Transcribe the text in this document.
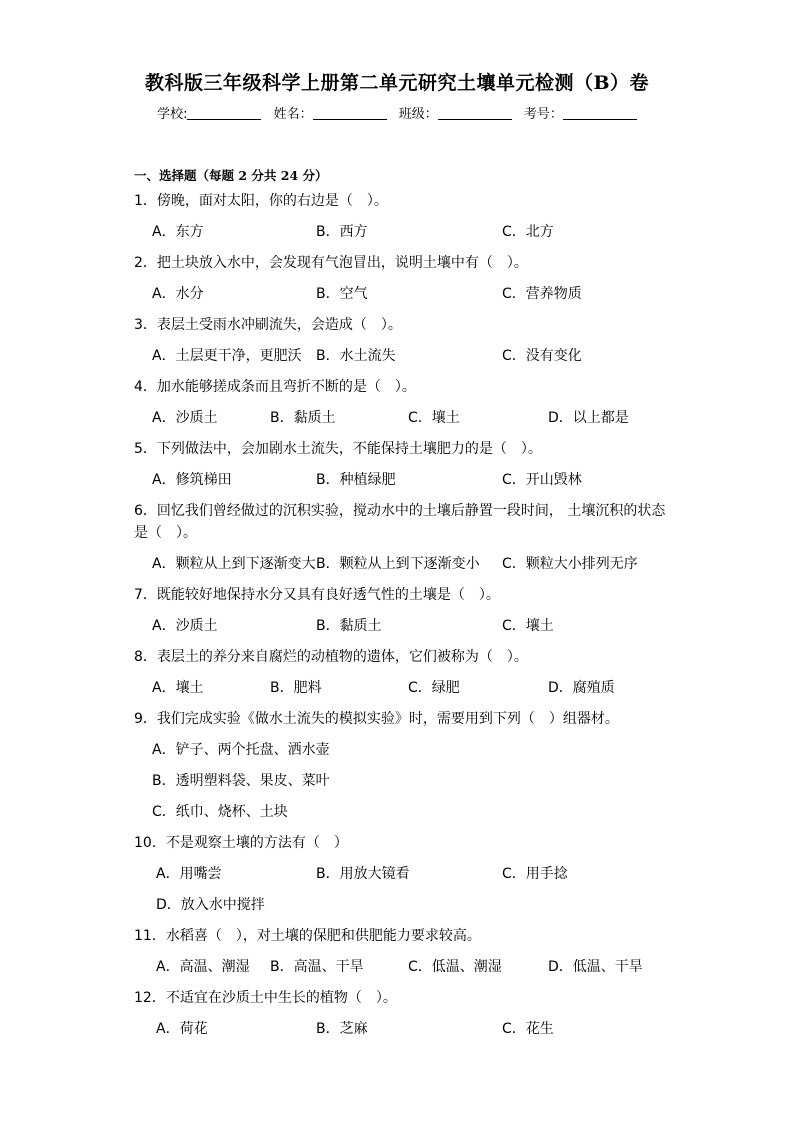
教科版三年级科学上册第二单元研究土壤单元检测（B）卷
学校:	姓名：	班级：	考号：
一、选择题（每题 2 分共 24 分）
1．傍晚，面对太阳，你的右边是（　）。
A．东方	B．西方	C．北方
2．把土块放入水中，会发现有气泡冒出，说明土壤中有（　）。
A．水分	B．空气	C．营养物质
3．表层土受雨水冲刷流失，会造成（　）。
A．土层更干净，更肥沃 B．水土流失	C．没有变化
4．加水能够搓成条而且弯折不断的是（　）。
A．沙质土	B．黏质土	C．壤土	D．以上都是
5．下列做法中，会加剧水土流失，不能保持土壤肥力的是（　）。
A．修筑梯田	B．种植绿肥	C．开山毁林
6．回忆我们曾经做过的沉积实验，搅动水中的土壤后静置一段时间， 土壤沉积的状态是（　）。
A．颗粒从上到下逐渐变大 B．颗粒从上到下逐渐变小 C．颗粒大小排列无序
7．既能较好地保持水分又具有良好透气性的土壤是（　）。
A．沙质土	B．黏质土	C．壤土
8．表层土的养分来自腐烂的动植物的遗体，它们被称为（　）。
A．壤土	B．肥料	C．绿肥	D．腐殖质
9．我们完成实验《做水土流失的模拟实验》时，需要用到下列（　）组器材。
A．铲子、两个托盘、洒水壶
B．透明塑料袋、果皮、菜叶
C．纸巾、烧杯、土块
10．不是观察土壤的方法有（　）
A．用嘴尝	B．用放大镜看	C．用手捻
D．放入水中搅拌
11．水稻喜（　），对土壤的保肥和供肥能力要求较高。
A．高温、潮湿 B．高温、干旱	C．低温、潮湿	D．低温、干旱
12．不适宜在沙质土中生长的植物（　）。
A．荷花	B．芝麻	C．花生
